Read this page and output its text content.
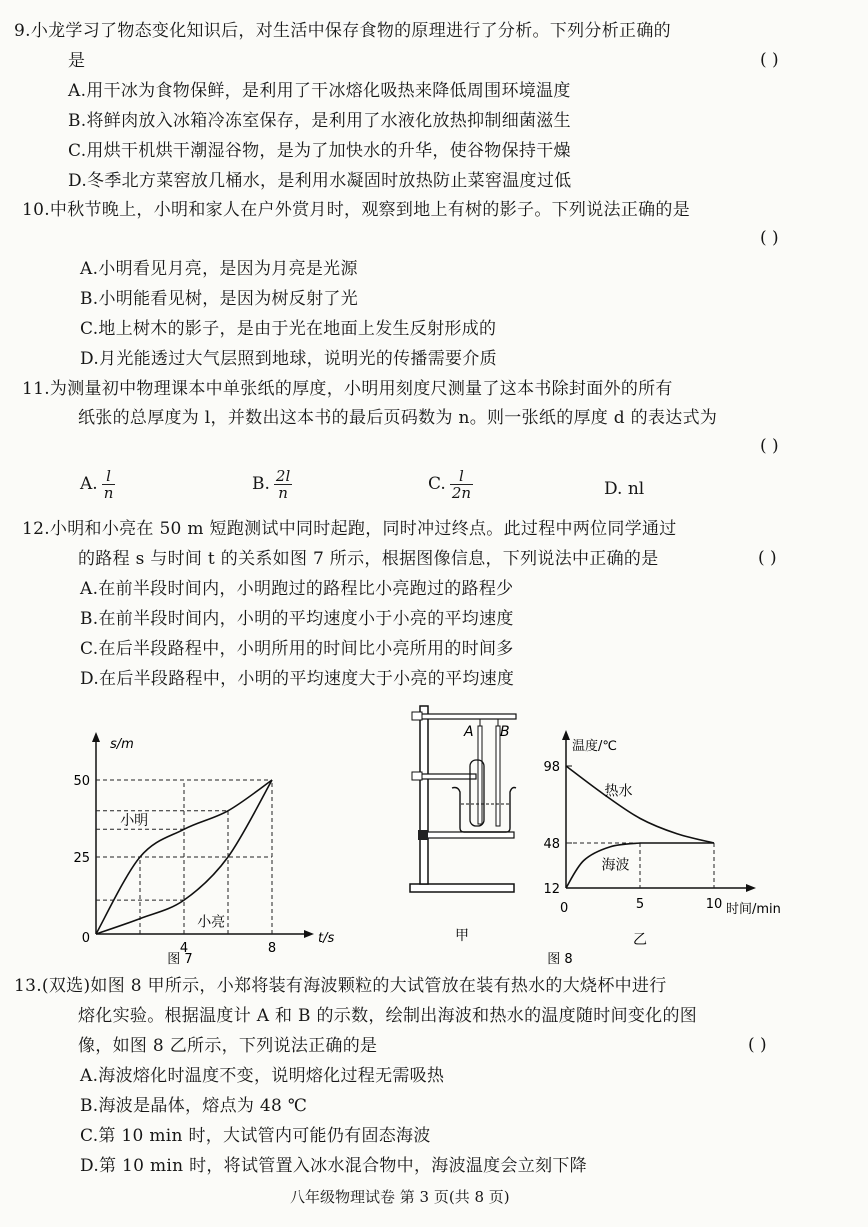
9.小龙学习了物态变化知识后，对生活中保存食物的原理进行了分析。下列分析正确的
是	( )
A.用干冰为食物保鲜，是利用了干冰熔化吸热来降低周围环境温度
B.将鲜肉放入冰箱冷冻室保存，是利用了水液化放热抑制细菌滋生
C.用烘干机烘干潮湿谷物，是为了加快水的升华，使谷物保持干燥
D.冬季北方菜窖放几桶水，是利用水凝固时放热防止菜窖温度过低
10.中秋节晚上，小明和家人在户外赏月时，观察到地上有树的影子。下列说法正确的是
( )
A.小明看见月亮，是因为月亮是光源
B.小明能看见树，是因为树反射了光
C.地上树木的影子，是由于光在地面上发生反射形成的
D.月光能透过大气层照到地球，说明光的传播需要介质
11.为测量初中物理课本中单张纸的厚度，小明用刻度尺测量了这本书除封面外的所有
纸张的总厚度为 l，并数出这本书的最后页码数为 n。则一张纸的厚度 d 的表达式为
( )
A. $\frac{l}{n}$	B. $\frac{2l}{n}$	C. $\frac{l}{2n}$	D. nl
12.小明和小亮在 50 m 短跑测试中同时起跑，同时冲过终点。此过程中两位同学通过
的路程 s 与时间 t 的关系如图 7 所示，根据图像信息，下列说法中正确的是	( )
A.在前半段时间内，小明跑过的路程比小亮跑过的路程少
B.在前半段时间内，小明的平均速度小于小亮的平均速度
C.在后半段路程中，小明所用的时间比小亮所用的时间多
D.在后半段路程中，小明的平均速度大于小亮的平均速度
s/m
t/s
0
图 7
25
50
4	8
小明
小亮
A B
甲
温度/℃
时间/min
0
乙
图 8
12
48
98
5	10
热水
海波
13.(双选)如图 8 甲所示，小郑将装有海波颗粒的大试管放在装有热水的大烧杯中进行
熔化实验。根据温度计 A 和 B 的示数，绘制出海波和热水的温度随时间变化的图
像，如图 8 乙所示，下列说法正确的是	( )
A.海波熔化时温度不变，说明熔化过程无需吸热
B.海波是晶体，熔点为 48 ℃
C.第 10 min 时，大试管内可能仍有固态海波
D.第 10 min 时，将试管置入冰水混合物中，海波温度会立刻下降
八年级物理试卷 第 3 页(共 8 页)
